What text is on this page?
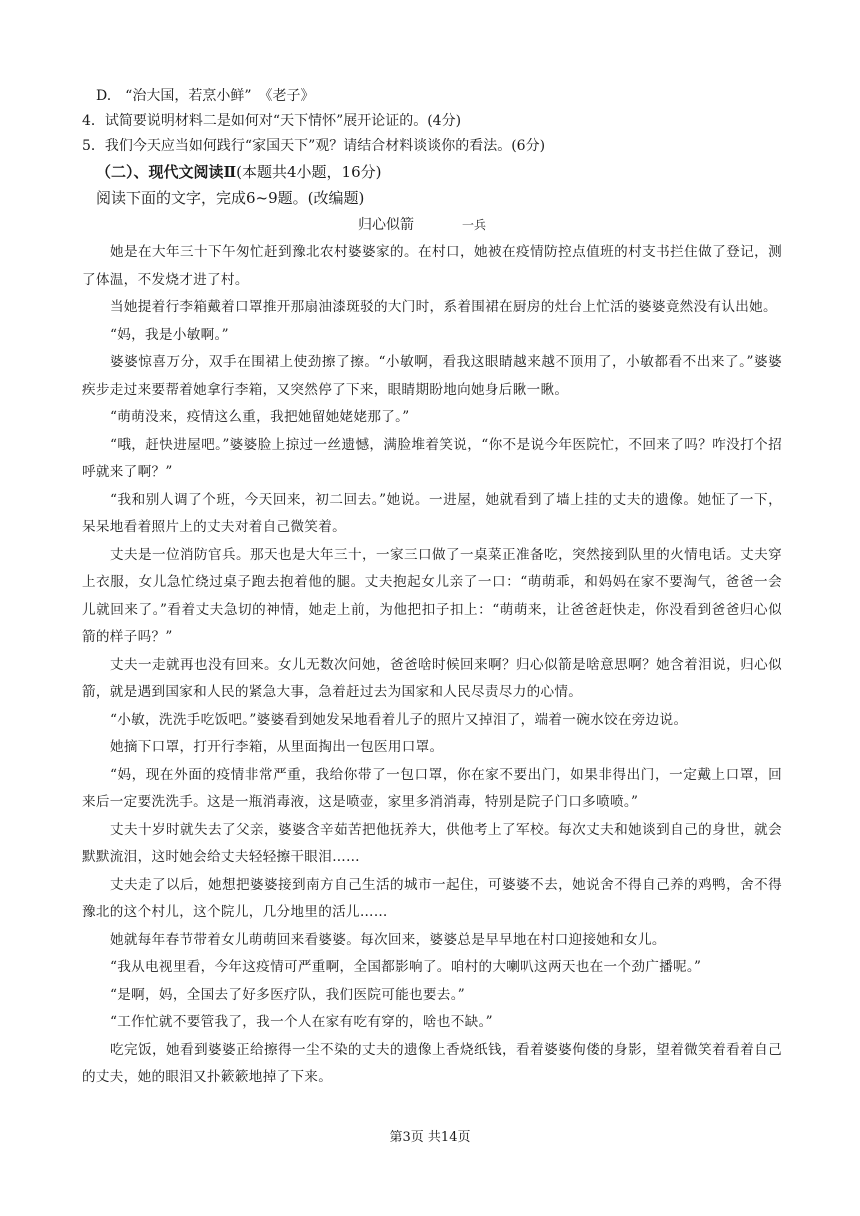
D.　“治大国，若烹小鲜”　《老子》
4．试简要说明材料二是如何对“天下情怀”展开论证的。(4分)
5．我们今天应当如何践行“家国天下”观？请结合材料谈谈你的看法。(6分)
（二）、现代文阅读Ⅱ(本题共4小题，16分)
阅读下面的文字，完成6~9题。(改编题)
归心似箭	一兵

她是在大年三十下午匆忙赶到豫北农村婆婆家的。在村口，她被在疫情防控点值班的村支书拦住做了登记，测了体温，不发烧才进了村。

当她提着行李箱戴着口罩推开那扇油漆斑驳的大门时，系着围裙在厨房的灶台上忙活的婆婆竟然没有认出她。

“妈，我是小敏啊。”

婆婆惊喜万分，双手在围裙上使劲擦了擦。“小敏啊，看我这眼睛越来越不顶用了，小敏都看不出来了。”婆婆疾步走过来要帮着她拿行李箱，又突然停了下来，眼睛期盼地向她身后瞅一瞅。

“萌萌没来，疫情这么重，我把她留她姥姥那了。”

“哦，赶快进屋吧。”婆婆脸上掠过一丝遗憾，满脸堆着笑说，“你不是说今年医院忙，不回来了吗？咋没打个招呼就来了啊？”

“我和别人调了个班，今天回来，初二回去。”她说。一进屋，她就看到了墙上挂的丈夫的遗像。她怔了一下，呆呆地看着照片上的丈夫对着自己微笑着。

丈夫是一位消防官兵。那天也是大年三十，一家三口做了一桌菜正准备吃，突然接到队里的火情电话。丈夫穿上衣服，女儿急忙绕过桌子跑去抱着他的腿。丈夫抱起女儿亲了一口：“萌萌乖，和妈妈在家不要淘气，爸爸一会儿就回来了。”看着丈夫急切的神情，她走上前，为他把扣子扣上：“萌萌来，让爸爸赶快走，你没看到爸爸归心似箭的样子吗？”

丈夫一走就再也没有回来。女儿无数次问她，爸爸啥时候回来啊？归心似箭是啥意思啊？她含着泪说，归心似箭，就是遇到国家和人民的紧急大事，急着赶过去为国家和人民尽责尽力的心情。

“小敏，洗洗手吃饭吧。”婆婆看到她发呆地看着儿子的照片又掉泪了，端着一碗水饺在旁边说。

她摘下口罩，打开行李箱，从里面掏出一包医用口罩。

“妈，现在外面的疫情非常严重，我给你带了一包口罩，你在家不要出门，如果非得出门，一定戴上口罩，回来后一定要洗洗手。这是一瓶消毒液，这是喷壶，家里多消消毒，特别是院子门口多喷喷。”

丈夫十岁时就失去了父亲，婆婆含辛茹苦把他抚养大，供他考上了军校。每次丈夫和她谈到自己的身世，就会默默流泪，这时她会给丈夫轻轻擦干眼泪……

丈夫走了以后，她想把婆婆接到南方自己生活的城市一起住，可婆婆不去，她说舍不得自己养的鸡鸭，舍不得豫北的这个村儿，这个院儿，几分地里的活儿……

她就每年春节带着女儿萌萌回来看婆婆。每次回来，婆婆总是早早地在村口迎接她和女儿。

“我从电视里看，今年这疫情可严重啊，全国都影响了。咱村的大喇叭这两天也在一个劲广播呢。”

“是啊，妈，全国去了好多医疗队，我们医院可能也要去。”

“工作忙就不要管我了，我一个人在家有吃有穿的，啥也不缺。”

吃完饭，她看到婆婆正给擦得一尘不染的丈夫的遗像上香烧纸钱，看着婆婆佝偻的身影，望着微笑着看着自己的丈夫，她的眼泪又扑簌簌地掉了下来。

第3页 共14页
